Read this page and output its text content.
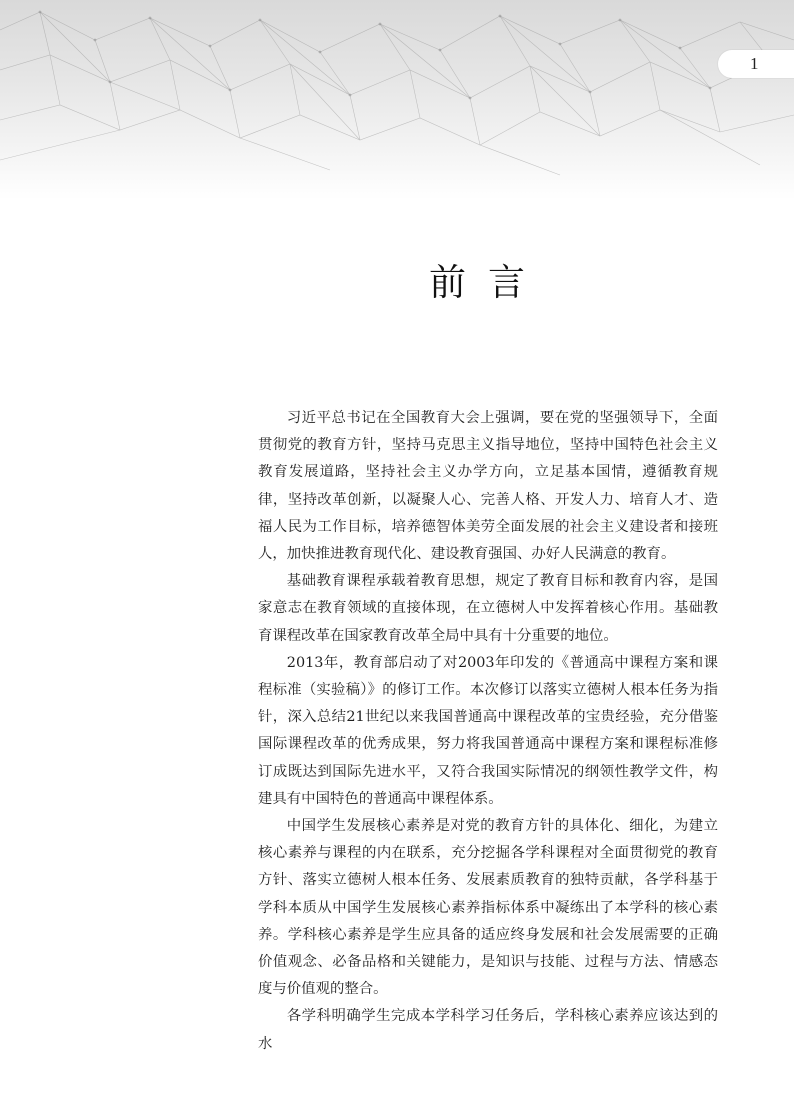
1
前言

习近平总书记在全国教育大会上强调，要在党的坚强领导下，全面贯彻党的教育方针，坚持马克思主义指导地位，坚持中国特色社会主义教育发展道路，坚持社会主义办学方向，立足基本国情，遵循教育规律，坚持改革创新，以凝聚人心、完善人格、开发人力、培育人才、造福人民为工作目标，培养德智体美劳全面发展的社会主义建设者和接班人，加快推进教育现代化、建设教育强国、办好人民满意的教育。

基础教育课程承载着教育思想，规定了教育目标和教育内容，是国家意志在教育领域的直接体现，在立德树人中发挥着核心作用。基础教育课程改革在国家教育改革全局中具有十分重要的地位。

2013年，教育部启动了对2003年印发的《普通高中课程方案和课程标准（实验稿）》的修订工作。本次修订以落实立德树人根本任务为指针，深入总结21世纪以来我国普通高中课程改革的宝贵经验，充分借鉴国际课程改革的优秀成果，努力将我国普通高中课程方案和课程标准修订成既达到国际先进水平，又符合我国实际情况的纲领性教学文件，构建具有中国特色的普通高中课程体系。

中国学生发展核心素养是对党的教育方针的具体化、细化，为建立核心素养与课程的内在联系，充分挖掘各学科课程对全面贯彻党的教育方针、落实立德树人根本任务、发展素质教育的独特贡献，各学科基于学科本质从中国学生发展核心素养指标体系中凝练出了本学科的核心素养。学科核心素养是学生应具备的适应终身发展和社会发展需要的正确价值观念、必备品格和关键能力，是知识与技能、过程与方法、情感态度与价值观的整合。

各学科明确学生完成本学科学习任务后，学科核心素养应该达到的水
